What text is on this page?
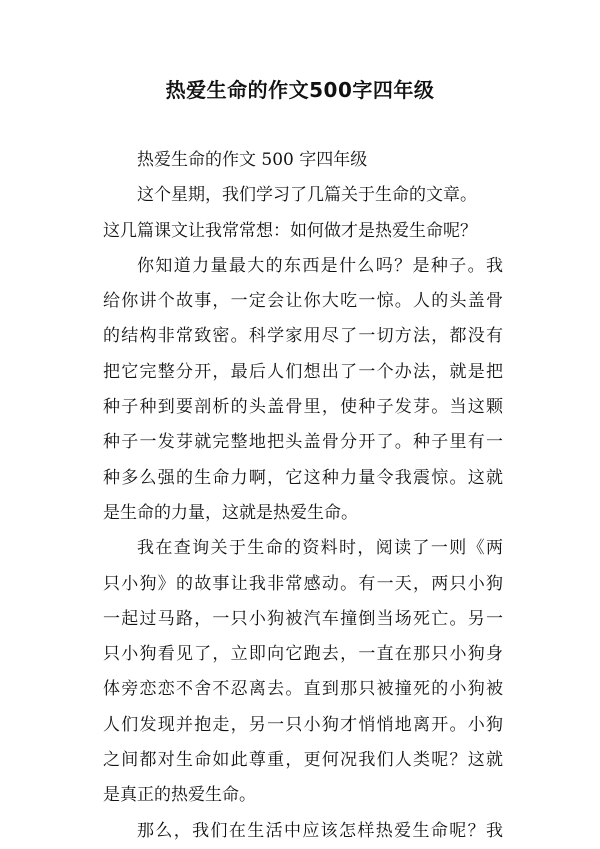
热爱生命的作文500字四年级
热爱生命的作文 500 字四年级
这个星期，我们学习了几篇关于生命的文章。
这几篇课文让我常常想：如何做才是热爱生命呢？
你知道力量最大的东西是什么吗？是种子。我
给你讲个故事，一定会让你大吃一惊。人的头盖骨
的结构非常致密。科学家用尽了一切方法，都没有
把它完整分开，最后人们想出了一个办法，就是把
种子种到要剖析的头盖骨里，使种子发芽。当这颗
种子一发芽就完整地把头盖骨分开了。种子里有一
种多么强的生命力啊，它这种力量令我震惊。这就
是生命的力量，这就是热爱生命。
我在查询关于生命的资料时，阅读了一则《两
只小狗》的故事让我非常感动。有一天，两只小狗
一起过马路，一只小狗被汽车撞倒当场死亡。另一
只小狗看见了，立即向它跑去，一直在那只小狗身
体旁恋恋不舍不忍离去。直到那只被撞死的小狗被
人们发现并抱走，另一只小狗才悄悄地离开。小狗
之间都对生命如此尊重，更何况我们人类呢？这就
是真正的热爱生命。
那么，我们在生活中应该怎样热爱生命呢？我
